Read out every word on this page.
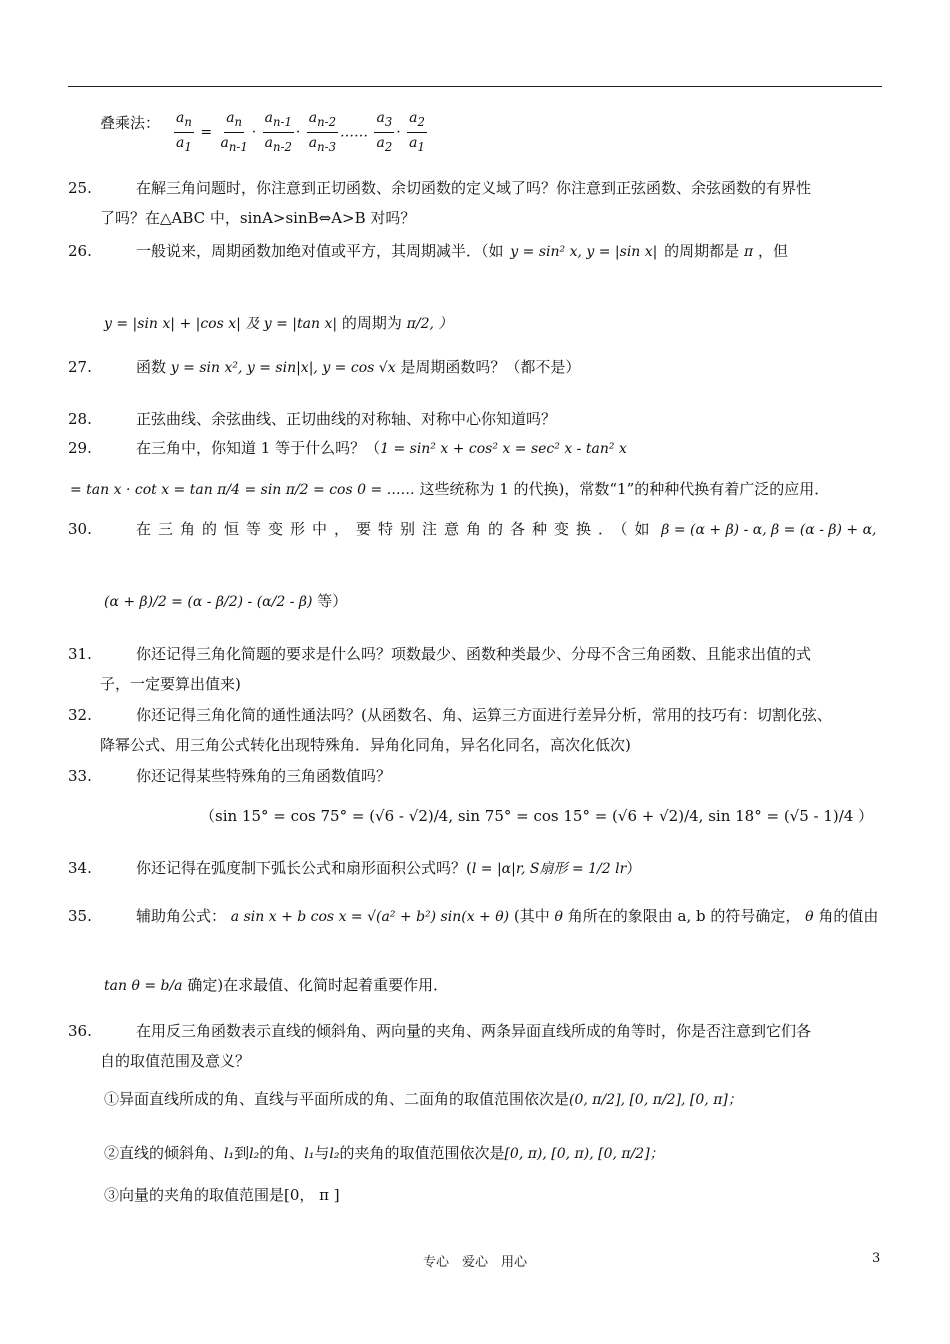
叠乘法： $\frac{a_n}{a_1} = \frac{a_n}{a_{n-1}} \cdot \frac{a_{n-1}}{a_{n-2}} \cdot \frac{a_{n-2}}{a_{n-3}}$ …… $\frac{a_3}{a_2} \cdot \frac{a_2}{a_1}$
25.	在解三角问题时，你注意到正切函数、余切函数的定义域了吗？你注意到正弦函数、余弦函数的有界性
了吗？在△ABC 中，sinA>sinB⇔A>B 对吗？
26.	一般说来，周期函数加绝对值或平方，其周期减半．（如 y = sin² x, y = |sin x| 的周期都是 π ，但
y = |sin x| + |cos x| 及 y = |tan x| 的周期为 π/2, ）
27.	函数 y = sin x², y = sin|x|, y = cos √x 是周期函数吗？（都不是）
28.	正弦曲线、余弦曲线、正切曲线的对称轴、对称中心你知道吗？
29.	在三角中，你知道 1 等于什么吗？（1 = sin² x + cos² x = sec² x - tan² x
= tan x · cot x = tan π/4 = sin π/2 = cos 0 = …… 这些统称为 1 的代换)，常数“1”的种种代换有着广泛的应用．
30.	在三角的恒等变形中，要特别注意角的各种变换．（如 β = (α + β) - α, β = (α - β) + α,
(α + β)/2 = (α - β/2) - (α/2 - β) 等）
31.	你还记得三角化简题的要求是什么吗？项数最少、函数种类最少、分母不含三角函数、且能求出值的式
子，一定要算出值来)
32.	你还记得三角化简的通性通法吗？(从函数名、角、运算三方面进行差异分析，常用的技巧有：切割化弦、
降幂公式、用三角公式转化出现特殊角．异角化同角，异名化同名，高次化低次)
33.	你还记得某些特殊角的三角函数值吗？
（sin 15° = cos 75° = (√6 - √2)/4, sin 75° = cos 15° = (√6 + √2)/4, sin 18° = (√5 - 1)/4 ）
34.	你还记得在弧度制下弧长公式和扇形面积公式吗？(l = |α|r, S扇形 = 1/2 lr）
35.	辅助角公式： a sin x + b cos x = √(a² + b²) sin(x + θ) (其中 θ 角所在的象限由 a, b 的符号确定， θ 角的值由
tan θ = b/a 确定)在求最值、化简时起着重要作用．
36.	在用反三角函数表示直线的倾斜角、两向量的夹角、两条异面直线所成的角等时，你是否注意到它们各
自的取值范围及意义？
①异面直线所成的角、直线与平面所成的角、二面角的取值范围依次是(0, π/2], [0, π/2], [0, π]；
②直线的倾斜角、l₁到l₂的角、l₁与l₂的夹角的取值范围依次是[0, π), [0, π), [0, π/2]；
③向量的夹角的取值范围是[0， π ]
专心　爱心　用心	3
